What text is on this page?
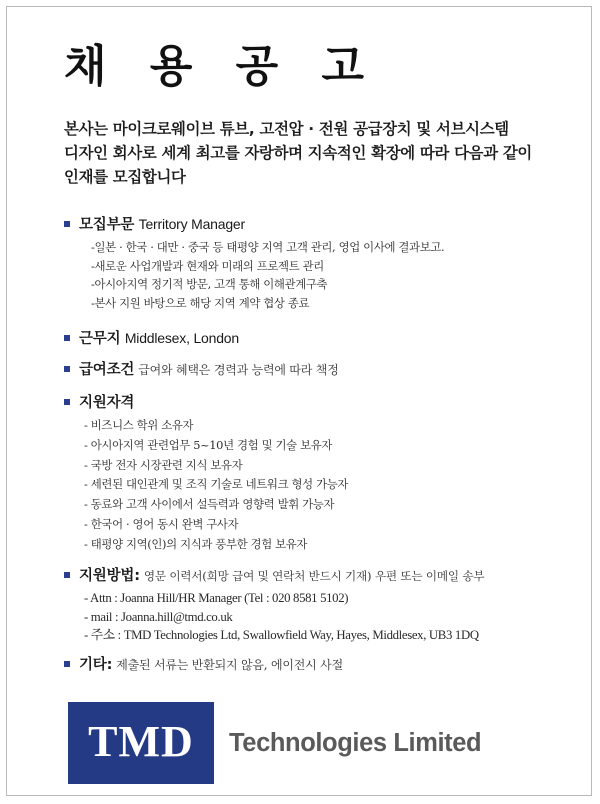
채 용 공 고
본사는 마이크로웨이브 튜브, 고전압 · 전원 공급장치 및 서브시스템
디자인 회사로 세계 최고를 자랑하며 지속적인 확장에 따라 다음과 같이
인재를 모집합니다
모집부문 Territory Manager
-일본 · 한국 · 대만 · 중국 등 태평양 지역 고객 관리, 영업 이사에 결과보고.
-새로운 사업개발과 현재와 미래의 프로젝트 관리
-아시아지역 정기적 방문, 고객 통해 이해관계구축
-본사 지원 바탕으로 해당 지역 계약 협상 종료
근무지 Middlesex, London
급여조건 급여와 혜택은 경력과 능력에 따라 책정
지원자격
- 비즈니스 학위 소유자
- 아시아지역 관련업무 5~10년 경험 및 기술 보유자
- 국방 전자 시장관련 지식 보유자
- 세련된 대인관계 및 조직 기술로 네트워크 형성 가능자
- 동료와 고객 사이에서 설득력과 영향력 발휘 가능자
- 한국어 · 영어 동시 완벽 구사자
- 태평양 지역(인)의 지식과 풍부한 경험 보유자
지원방법: 영문 이력서(희망 급여 및 연락처 반드시 기재) 우편 또는 이메일 송부
- Attn : Joanna Hill/HR Manager (Tel : 020 8581 5102)
- mail : Joanna.hill@tmd.co.uk
- 주소 : TMD Technologies Ltd, Swallowfield Way, Hayes, Middlesex, UB3 1DQ
기타: 제출된 서류는 반환되지 않음, 에이전시 사절
TMD	Technologies Limited
